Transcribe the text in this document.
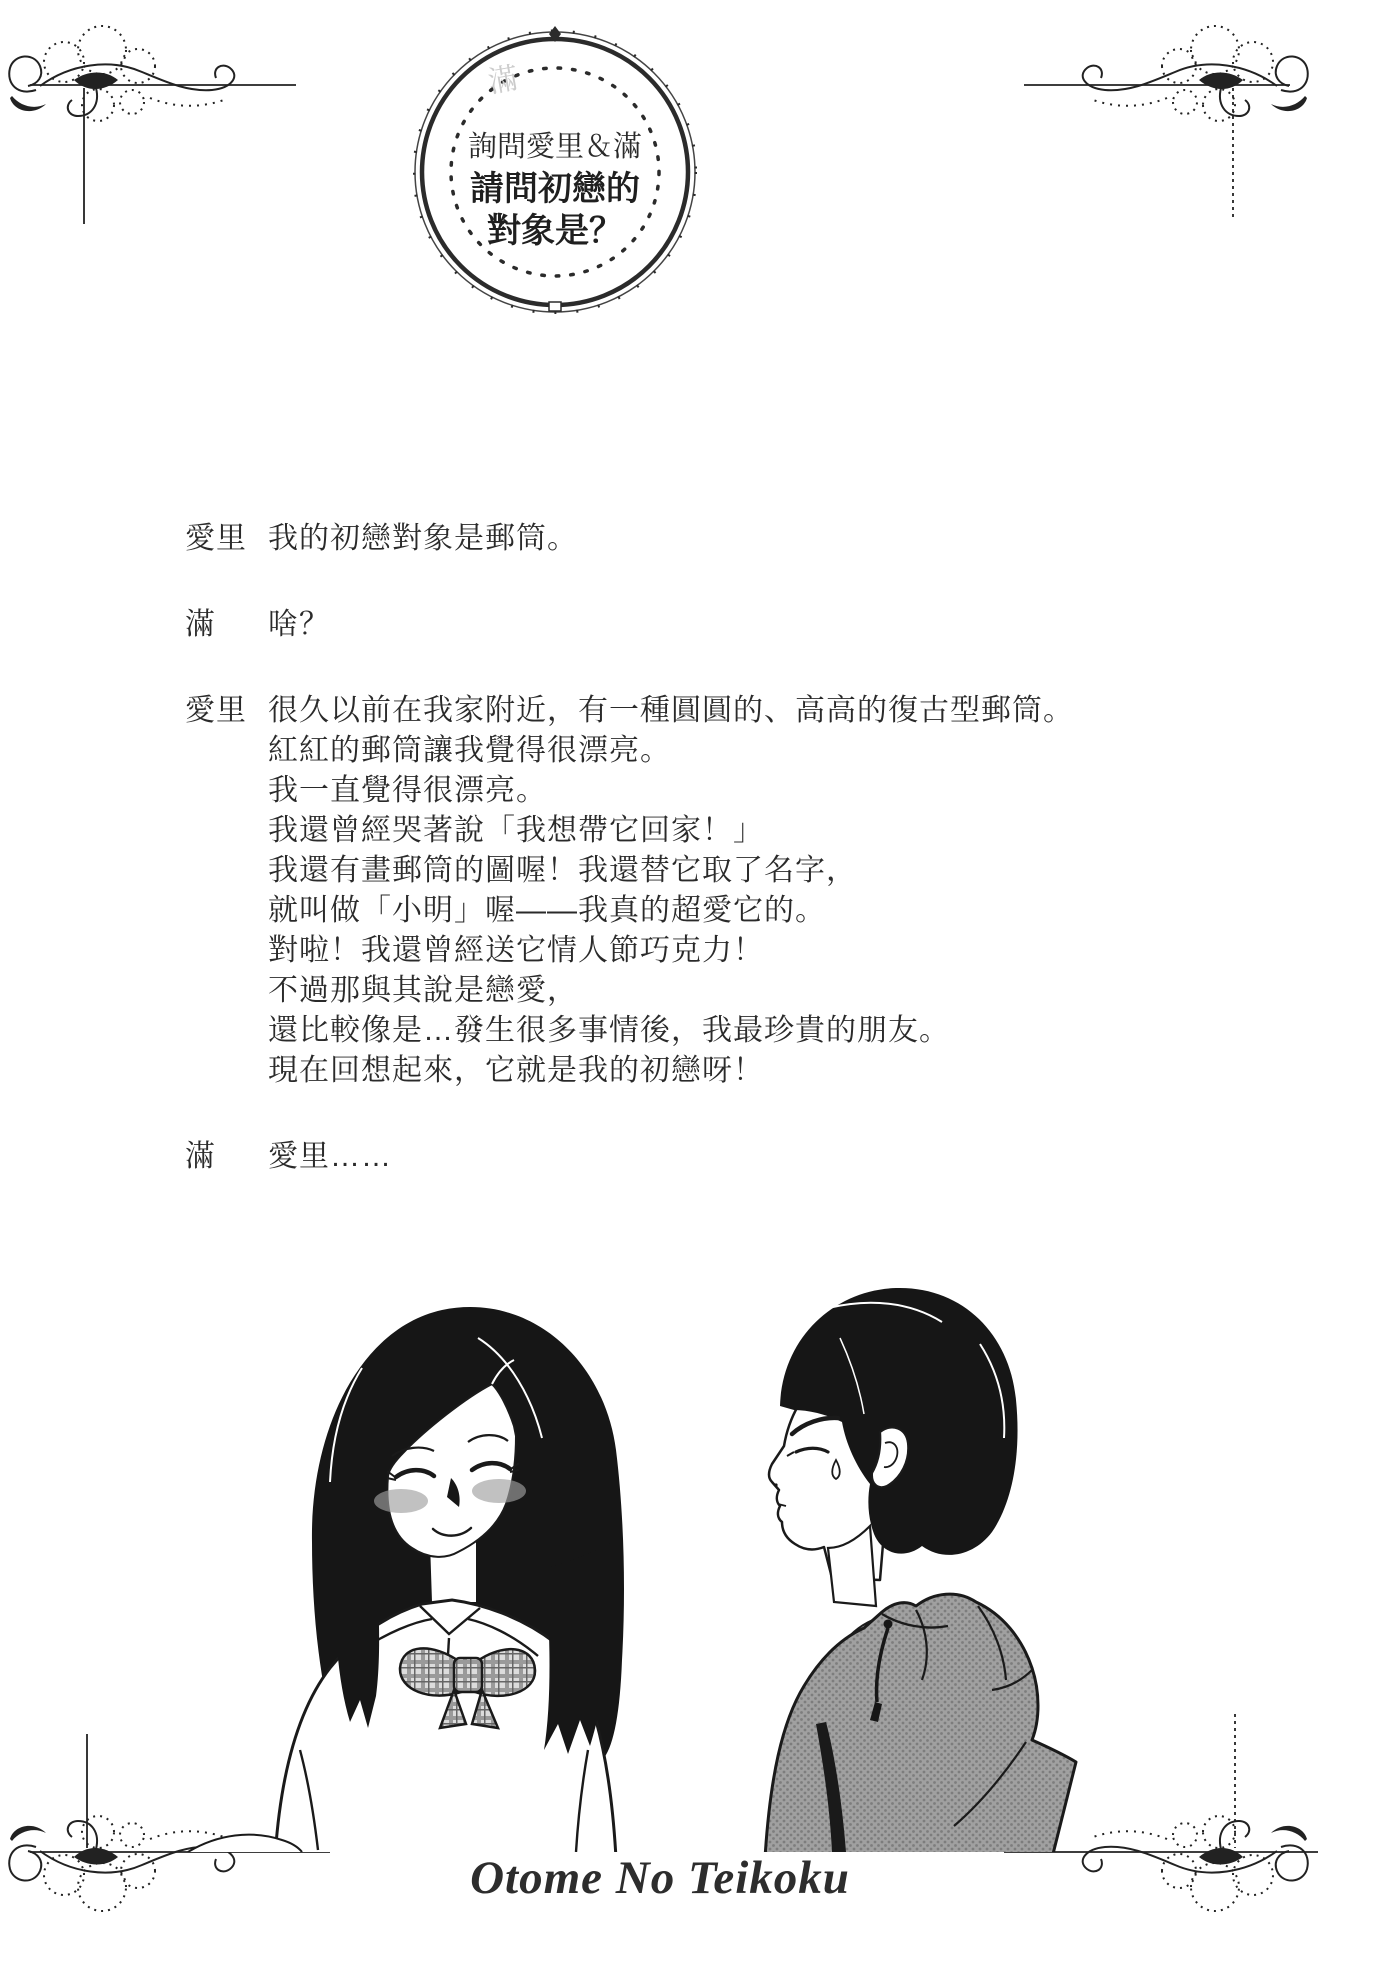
滿
詢問愛里＆滿
請問初戀的
對象是？
愛里 我的初戀對象是郵筒。
滿	啥？
愛里 很久以前在我家附近，有一種圓圓的、高高的復古型郵筒。
紅紅的郵筒讓我覺得很漂亮。
我一直覺得很漂亮。
我還曾經哭著說「我想帶它回家！」
我還有畫郵筒的圖喔！我還替它取了名字，
就叫做「小明」喔——我真的超愛它的。
對啦！我還曾經送它情人節巧克力！
不過那與其說是戀愛，
還比較像是…發生很多事情後，我最珍貴的朋友。
現在回想起來，它就是我的初戀呀！
滿	愛里……
Otome No Teikoku
